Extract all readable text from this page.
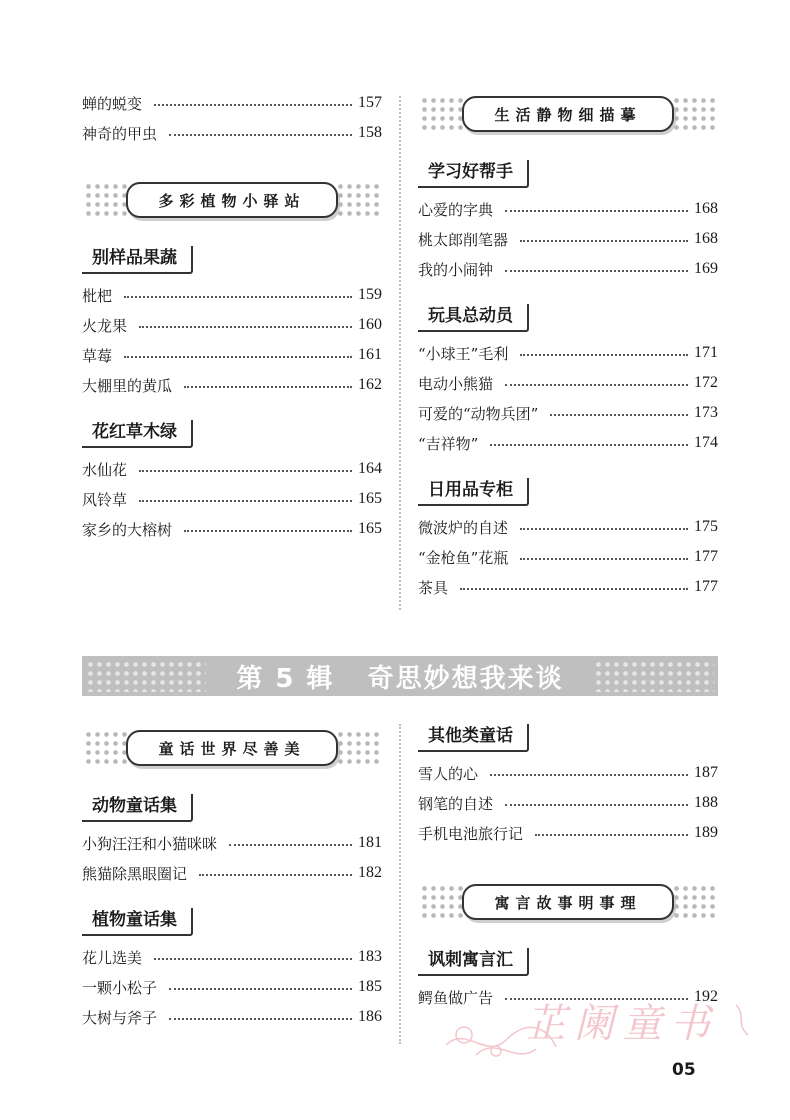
蝉的蜕变	157
神奇的甲虫	158
多彩植物小驿站
别样品果蔬
枇杷	159
火龙果	160
草莓	161
大棚里的黄瓜	162
花红草木绿
水仙花	164
风铃草	165
家乡的大榕树	165
生活静物细描摹
学习好帮手
心爱的字典	168
桃太郎削笔器	168
我的小闹钟	169
玩具总动员
“小球王”毛利	171
电动小熊猫	172
可爱的“动物兵团”	173
“吉祥物”	174
日用品专柜
微波炉的自述	175
“金枪鱼”花瓶	177
茶具	177
第 5 辑   奇思妙想我来谈
童话世界尽善美
动物童话集
小狗汪汪和小猫咪咪	181
熊猫除黑眼圈记	182
植物童话集
花儿选美	183
一颗小松子	185
大树与斧子	186
其他类童话
雪人的心	187
钢笔的自述	188
手机电池旅行记	189
寓言故事明事理
讽刺寓言汇
鳄鱼做广告	192
芷阑童书
05
